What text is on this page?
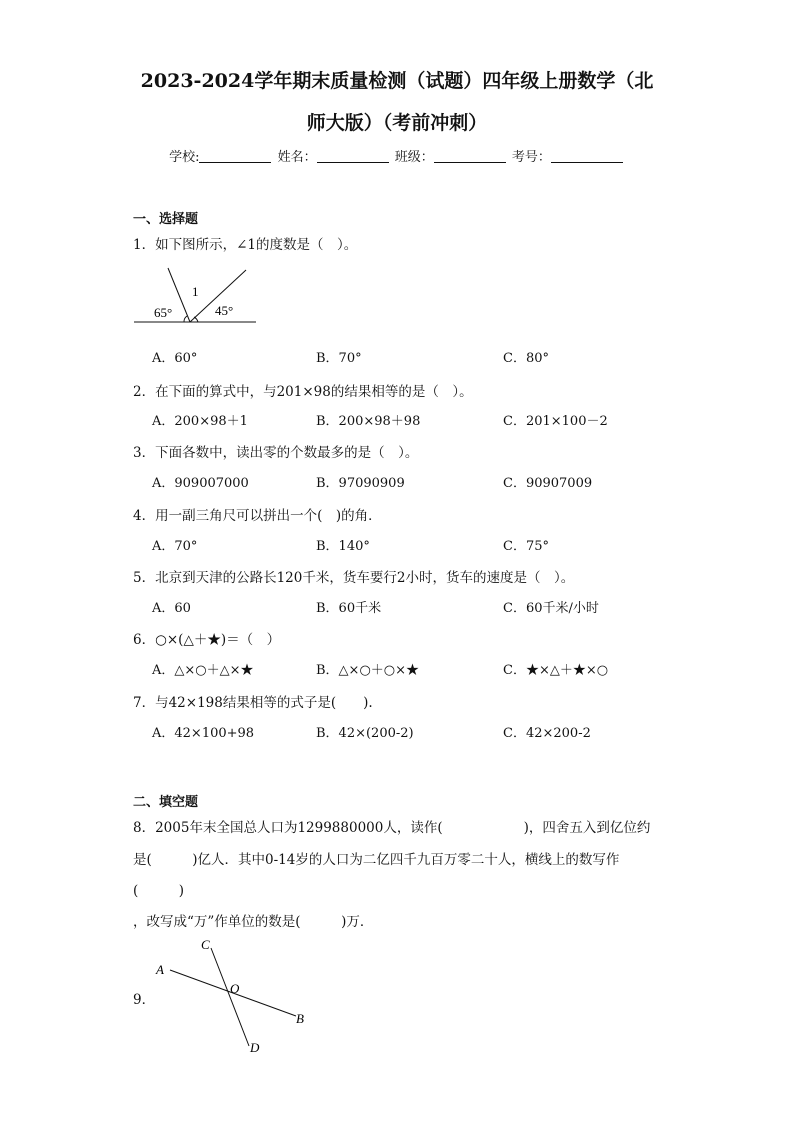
2023-2024学年期末质量检测（试题）四年级上册数学（北
师大版）（考前冲刺）
学校:	姓名：	班级：	考号：
一、选择题
1．如下图所示，∠1的度数是（　）。
1
65°	45°
A．60°	B．70°	C．80°
2．在下面的算式中，与201×98的结果相等的是（　）。
A．200×98＋1	B．200×98＋98	C．201×100－2
3．下面各数中，读出零的个数最多的是（　）。
A．909007000	B．97090909	C．90907009
4．用一副三角尺可以拼出一个(　)的角．
A．70°	B．140°	C．75°
5．北京到天津的公路长120千米，货车要行2小时，货车的速度是（　）。
A．60	B．60千米	C．60千米/小时
6．○×(△＋★)＝（　）
A．△×○＋△×★	B．△×○＋○×★	C．★×△＋★×○
7．与42×198结果相等的式子是(　　).
A．42×100+98	B．42×(200-2)	C．42×200-2
二、填空题
8．2005年末全国总人口为1299880000人，读作(　　　　　　)，四舍五入到亿位约
是(　　　)亿人．其中0-14岁的人口为二亿四千九百万零二十人，横线上的数写作
(　　　)
，改写成“万”作单位的数是(　　　)万．
9．
A
B
C
D
O
